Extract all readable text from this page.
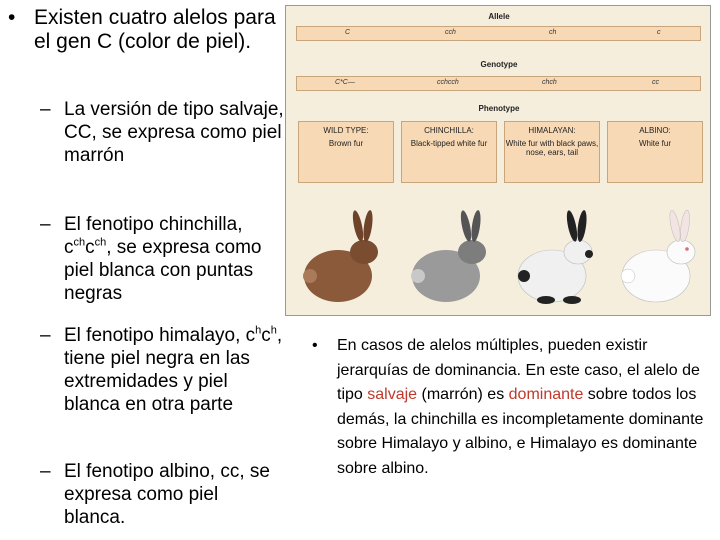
• Existen cuatro alelos para el gen C (color de piel).
– La versión de tipo salvaje, CC, se expresa como piel marrón
– El fenotipo chinchilla, $c^{ch}c^{ch}$, se expresa como piel blanca con puntas negras
– El fenotipo himalayo, $c^hc^h$, tiene piel negra en las extremidades y piel blanca en otra parte
– El fenotipo albino, cc, se expresa como piel blanca.
Allele
C	cch	ch	c
Genotype
C*C—	cchcch	chch	cc
Phenotype
WILD TYPE:
Brown fur
CHINCHILLA:
Black-tipped white fur
HIMALAYAN:
White fur with black paws, nose, ears, tail
ALBINO:
White fur
• En casos de alelos múltiples, pueden existir jerarquías de dominancia. En este caso, el alelo de tipo salvaje (marrón) es dominante sobre todos los demás, la chinchilla es incompletamente dominante sobre Himalayo y albino, e Himalayo es dominante sobre albino.
